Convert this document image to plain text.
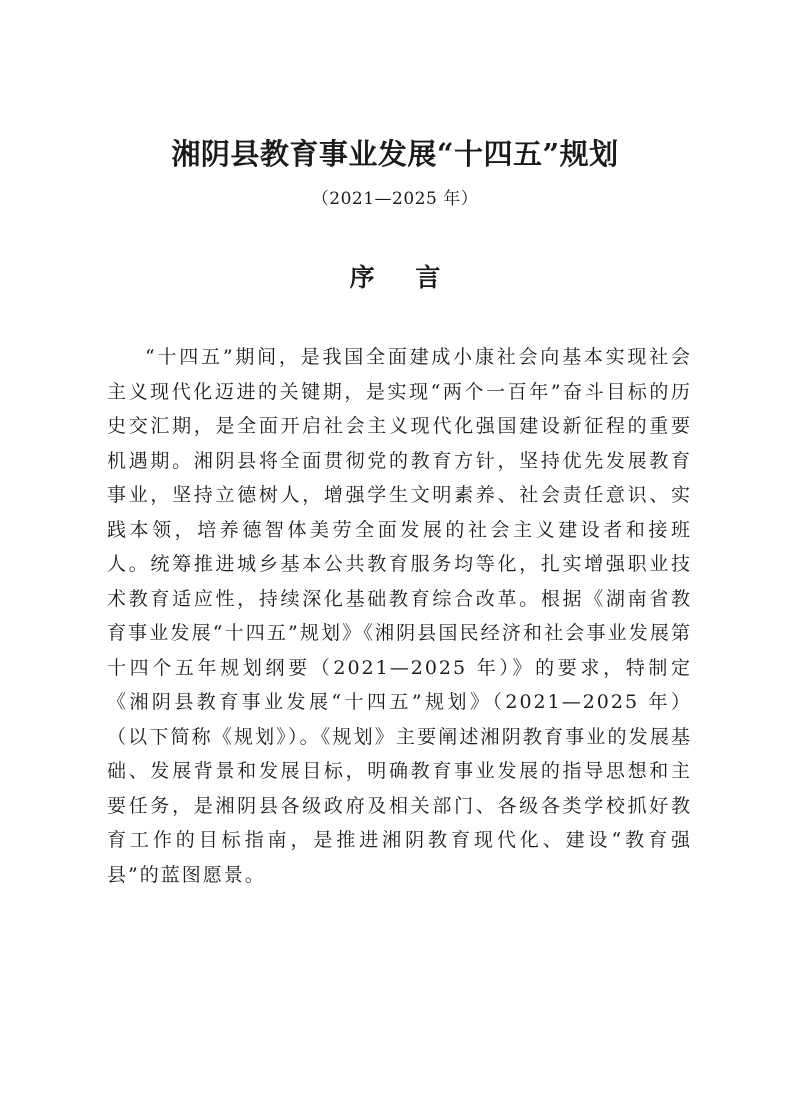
湘阴县教育事业发展“十四五”规划
（2021—2025 年）
序 言

“十四五”期间，是我国全面建成小康社会向基本实现社会主义现代化迈进的关键期，是实现“两个一百年”奋斗目标的历史交汇期，是全面开启社会主义现代化强国建设新征程的重要机遇期。湘阴县将全面贯彻党的教育方针，坚持优先发展教育事业，坚持立德树人，增强学生文明素养、社会责任意识、实践本领，培养德智体美劳全面发展的社会主义建设者和接班人。统筹推进城乡基本公共教育服务均等化，扎实增强职业技术教育适应性，持续深化基础教育综合改革。根据《湖南省教育事业发展“十四五”规划》《湘阴县国民经济和社会事业发展第十四个五年规划纲要（2021—2025 年）》的要求，特制定《湘阴县教育事业发展“十四五”规划》（2021—2025 年）（以下简称《规划》）。《规划》主要阐述湘阴教育事业的发展基础、发展背景和发展目标，明确教育事业发展的指导思想和主要任务，是湘阴县各级政府及相关部门、各级各类学校抓好教育工作的目标指南，是推进湘阴教育现代化、建设“教育强县”的蓝图愿景。
